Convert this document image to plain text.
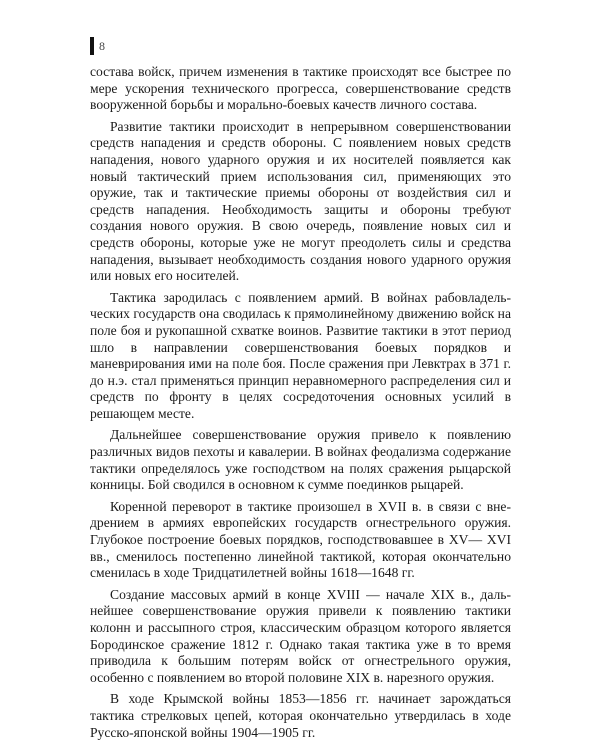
8

состава войск, причем изменения в тактике происходят все быстрее по мере ускорения технического прогресса, совершенствование средств вооруженной борьбы и морально-боевых качеств личного состава.

Развитие тактики происходит в непрерывном совершенствовании средств нападения и средств обороны. С появлением новых средств нападения, нового ударного оружия и их носителей появляется как новый тактический прием использования сил, применяющих это оружие, так и тактические приемы обороны от воздействия сил и средств нападения. Необходимость защиты и обороны требуют создания нового оружия. В свою очередь, появление новых сил и средств обороны, которые уже не могут преодолеть силы и средства нападения, вызывает необходимость создания нового ударного оружия или новых его носителей.

Тактика зародилась с появлением армий. В войнах рабовладельческих государств она сводилась к прямолинейному движению войск на поле боя и рукопашной схватке воинов. Развитие тактики в этот период шло в направлении совершенствования боевых порядков и маневрирования ими на поле боя. После сражения при Левктрах в 371 г. до н.э. стал применяться принцип неравномерного распределения сил и средств по фронту в целях сосредоточения основных усилий в решающем месте.

Дальнейшее совершенствование оружия привело к появлению различных видов пехоты и кавалерии. В войнах феодализма содержание тактики определялось уже господством на полях сражения рыцарской конницы. Бой сводился в основном к сумме поединков рыцарей.

Коренной переворот в тактике произошел в XVII в. в связи с внедрением в армиях европейских государств огнестрельного оружия. Глубокое построение боевых порядков, господствовавшее в XV— XVI вв., сменилось постепенно линейной тактикой, которая окончательно сменилась в ходе Тридцатилетней войны 1618—1648 гг.

Создание массовых армий в конце XVIII — начале XIX в., дальнейшее совершенствование оружия привели к появлению тактики колонн и рассыпного строя, классическим образцом которого является Бородинское сражение 1812 г. Однако такая тактика уже в то время приводила к большим потерям войск от огнестрельного оружия, особенно с появлением во второй половине XIX в. нарезного оружия.

В ходе Крымской войны 1853—1856 гг. начинает зарождаться тактика стрелковых цепей, которая окончательно утвердилась в ходе Русско-японской войны 1904—1905 гг.
